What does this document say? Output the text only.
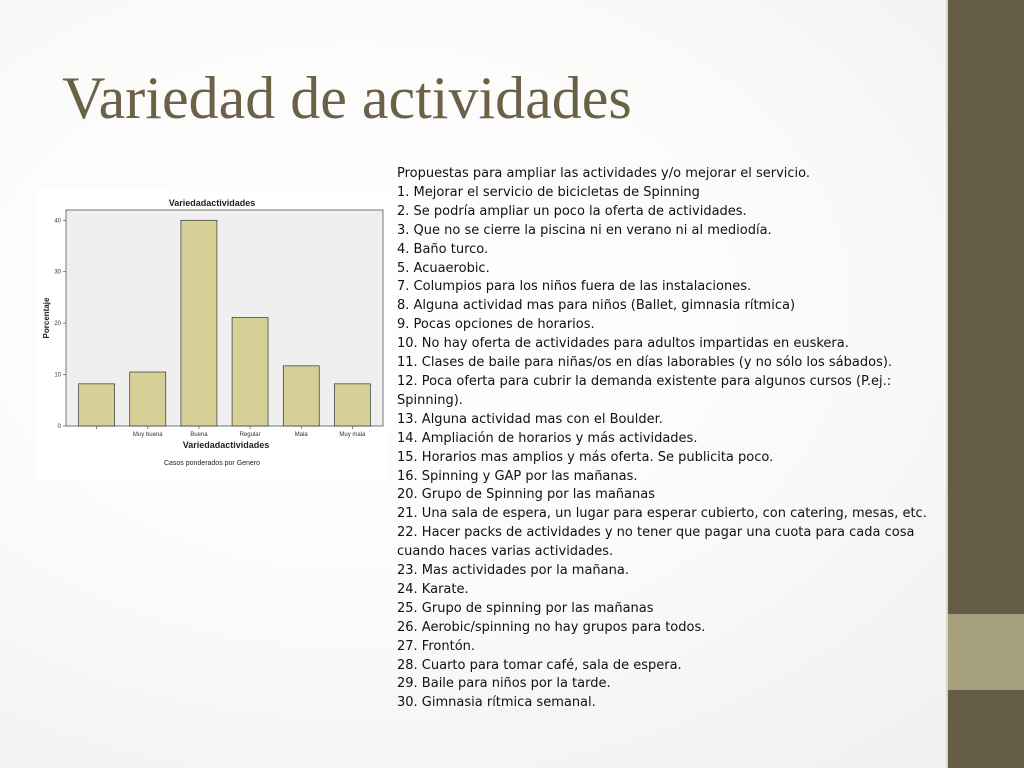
Variedad de actividades
Variedadactividades
0
10
20
30
40
Muy buena	Buena	Regular	Mala	Muy mala
Porcentaje
Variedadactividades
Casos ponderados por Genero

Propuestas para ampliar las actividades y/o mejorar el servicio.

1. Mejorar el servicio de bicicletas de Spinning

2. Se podría ampliar un poco la oferta de actividades.

3. Que no se cierre la piscina ni en verano ni al mediodía.

4. Baño turco.

5. Acuaerobic.

7. Columpios para los niños fuera de las instalaciones.

8. Alguna actividad mas para niños (Ballet, gimnasia rítmica)

9. Pocas opciones de horarios.

10. No hay oferta de actividades para adultos impartidas en euskera.

11. Clases de baile para niñas/os en días laborables (y no sólo los sábados).

12. Poca oferta para cubrir la demanda existente para algunos cursos (P.ej.: Spinning).

13. Alguna actividad mas con el Boulder.

14. Ampliación de horarios y más actividades.

15. Horarios mas amplios y más oferta. Se publicita poco.

16. Spinning y GAP por las mañanas.

20. Grupo de Spinning por las mañanas

21. Una sala de espera, un lugar para esperar cubierto, con catering, mesas, etc.

22. Hacer packs de actividades y no tener que pagar una cuota para cada cosa cuando haces varias actividades.

23. Mas actividades por la mañana.

24. Karate.

25. Grupo de spinning por las mañanas

26. Aerobic/spinning no hay grupos para todos.

27. Frontón.

28. Cuarto para tomar café, sala de espera.

29. Baile para niños por la tarde.

30. Gimnasia rítmica semanal.
